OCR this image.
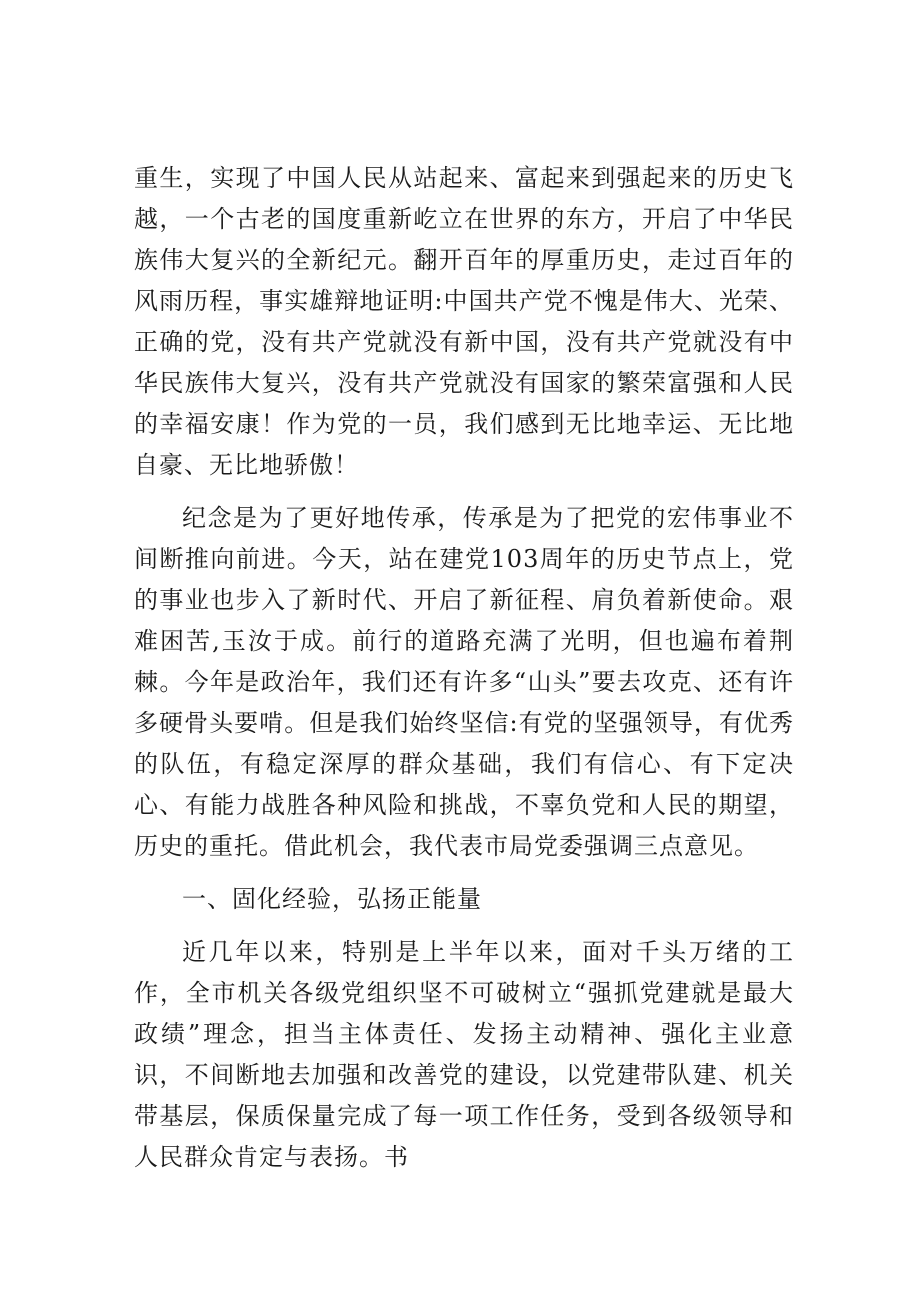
重生，实现了中国人民从站起来、富起来到强起来的历史飞越，一个古老的国度重新屹立在世界的东方，开启了中华民族伟大复兴的全新纪元。翻开百年的厚重历史，走过百年的风雨历程，事实雄辩地证明:中国共产党不愧是伟大、光荣、正确的党，没有共产党就没有新中国，没有共产党就没有中华民族伟大复兴，没有共产党就没有国家的繁荣富强和人民的幸福安康！作为党的一员，我们感到无比地幸运、无比地自豪、无比地骄傲！

纪念是为了更好地传承，传承是为了把党的宏伟事业不间断推向前进。今天，站在建党103周年的历史节点上，党的事业也步入了新时代、开启了新征程、肩负着新使命。艰难困苦,玉汝于成。前行的道路充满了光明，但也遍布着荆棘。今年是政治年，我们还有许多“山头”要去攻克、还有许多硬骨头要啃。但是我们始终坚信:有党的坚强领导，有优秀的队伍，有稳定深厚的群众基础，我们有信心、有下定决心、有能力战胜各种风险和挑战，不辜负党和人民的期望，历史的重托。借此机会，我代表市局党委强调三点意见。

一、固化经验，弘扬正能量

近几年以来，特别是上半年以来，面对千头万绪的工作，全市机关各级党组织坚不可破树立“强抓党建就是最大政绩”理念，担当主体责任、发扬主动精神、强化主业意识，不间断地去加强和改善党的建设，以党建带队建、机关带基层，保质保量完成了每一项工作任务，受到各级领导和人民群众肯定与表扬。书
